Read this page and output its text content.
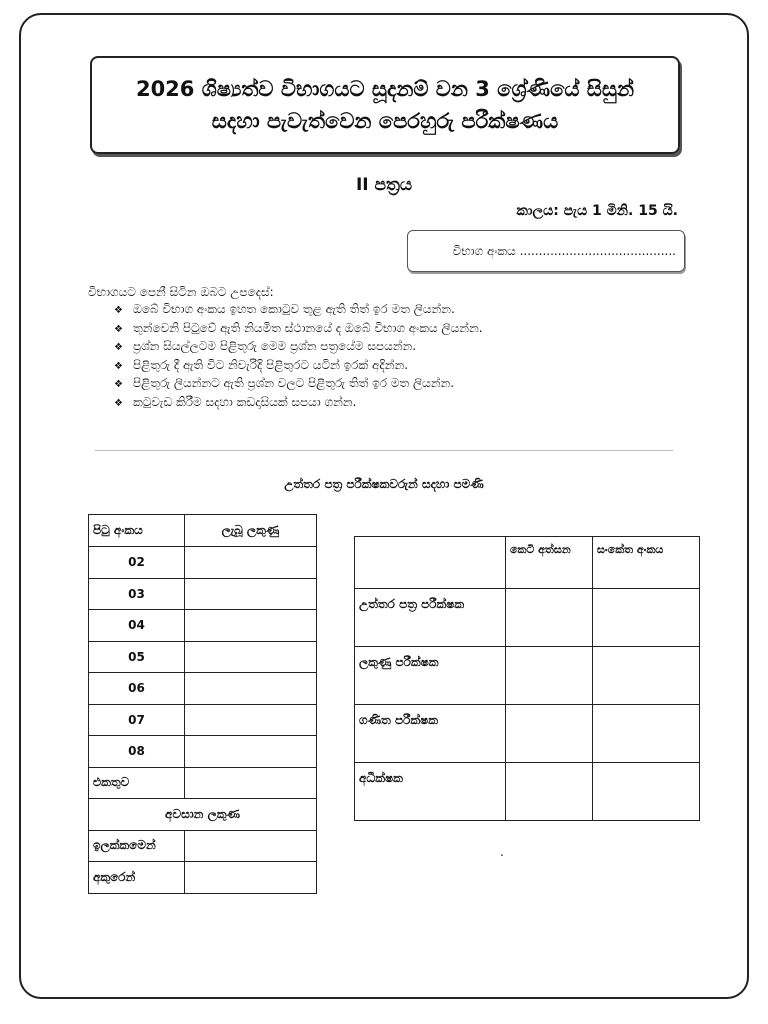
2026 ශිෂ්‍යත්ව විභාගයට සූදනම් වන 3 ශ්‍රේණියේ සිසුන්
සදහා පැවැත්වෙන පෙරහුරු පරීක්ෂණය
II පත්‍රය
කාලය: පැය 1 මිනි. 15 යි.
විභාග අංකය .........................................
විභාගයට පෙනී සිටින ඔබට උපදෙස්:
❖ ඔබේ විභාග අංකය ඉහත කොටුව තුළ ඇති තිත් ඉර මත ලියන්න.
❖ තුන්වෙනි පිටුවේ ඇති නියමිත ස්ථානයේ ද ඔබේ විභාග අංකය ලියන්න.
❖ ප්‍රශ්න සියල්ලටම පිළිතුරු මෙම ප්‍රශ්න පත්‍රයේම සපයන්න.
❖ පිළිතුරු දී ඇති විට නිවැරිදි පිළිතුරට යටින් ඉරක් අදින්න.
❖ පිළිතුරු ලියන්නට ඇති ප්‍රශ්න වලට පිළිතුරු තිත් ඉර මත ලියන්න.
❖ කටුවැඩ කිරීම සදහා කඩදාසියක් සපයා ගන්න.
උත්තර පත්‍ර පරීක්ෂකවරුන් සදහා පමණි
පිටු අංකය	ලැබූ ලකුණු
02	
03	
04	
05	
06	
07	
08	
එකතුව	
අවසාන ලකුණ	
ඉලක්කමෙන්	
අකුරෙන්	
	කෙටි අත්සන	සංකේත අංකය
උත්තර පත්‍ර පරීක්ෂක		
ලකුණු පරීක්ෂක		
ගණිත පරීක්ෂක		
අධීක්ෂක		
.
